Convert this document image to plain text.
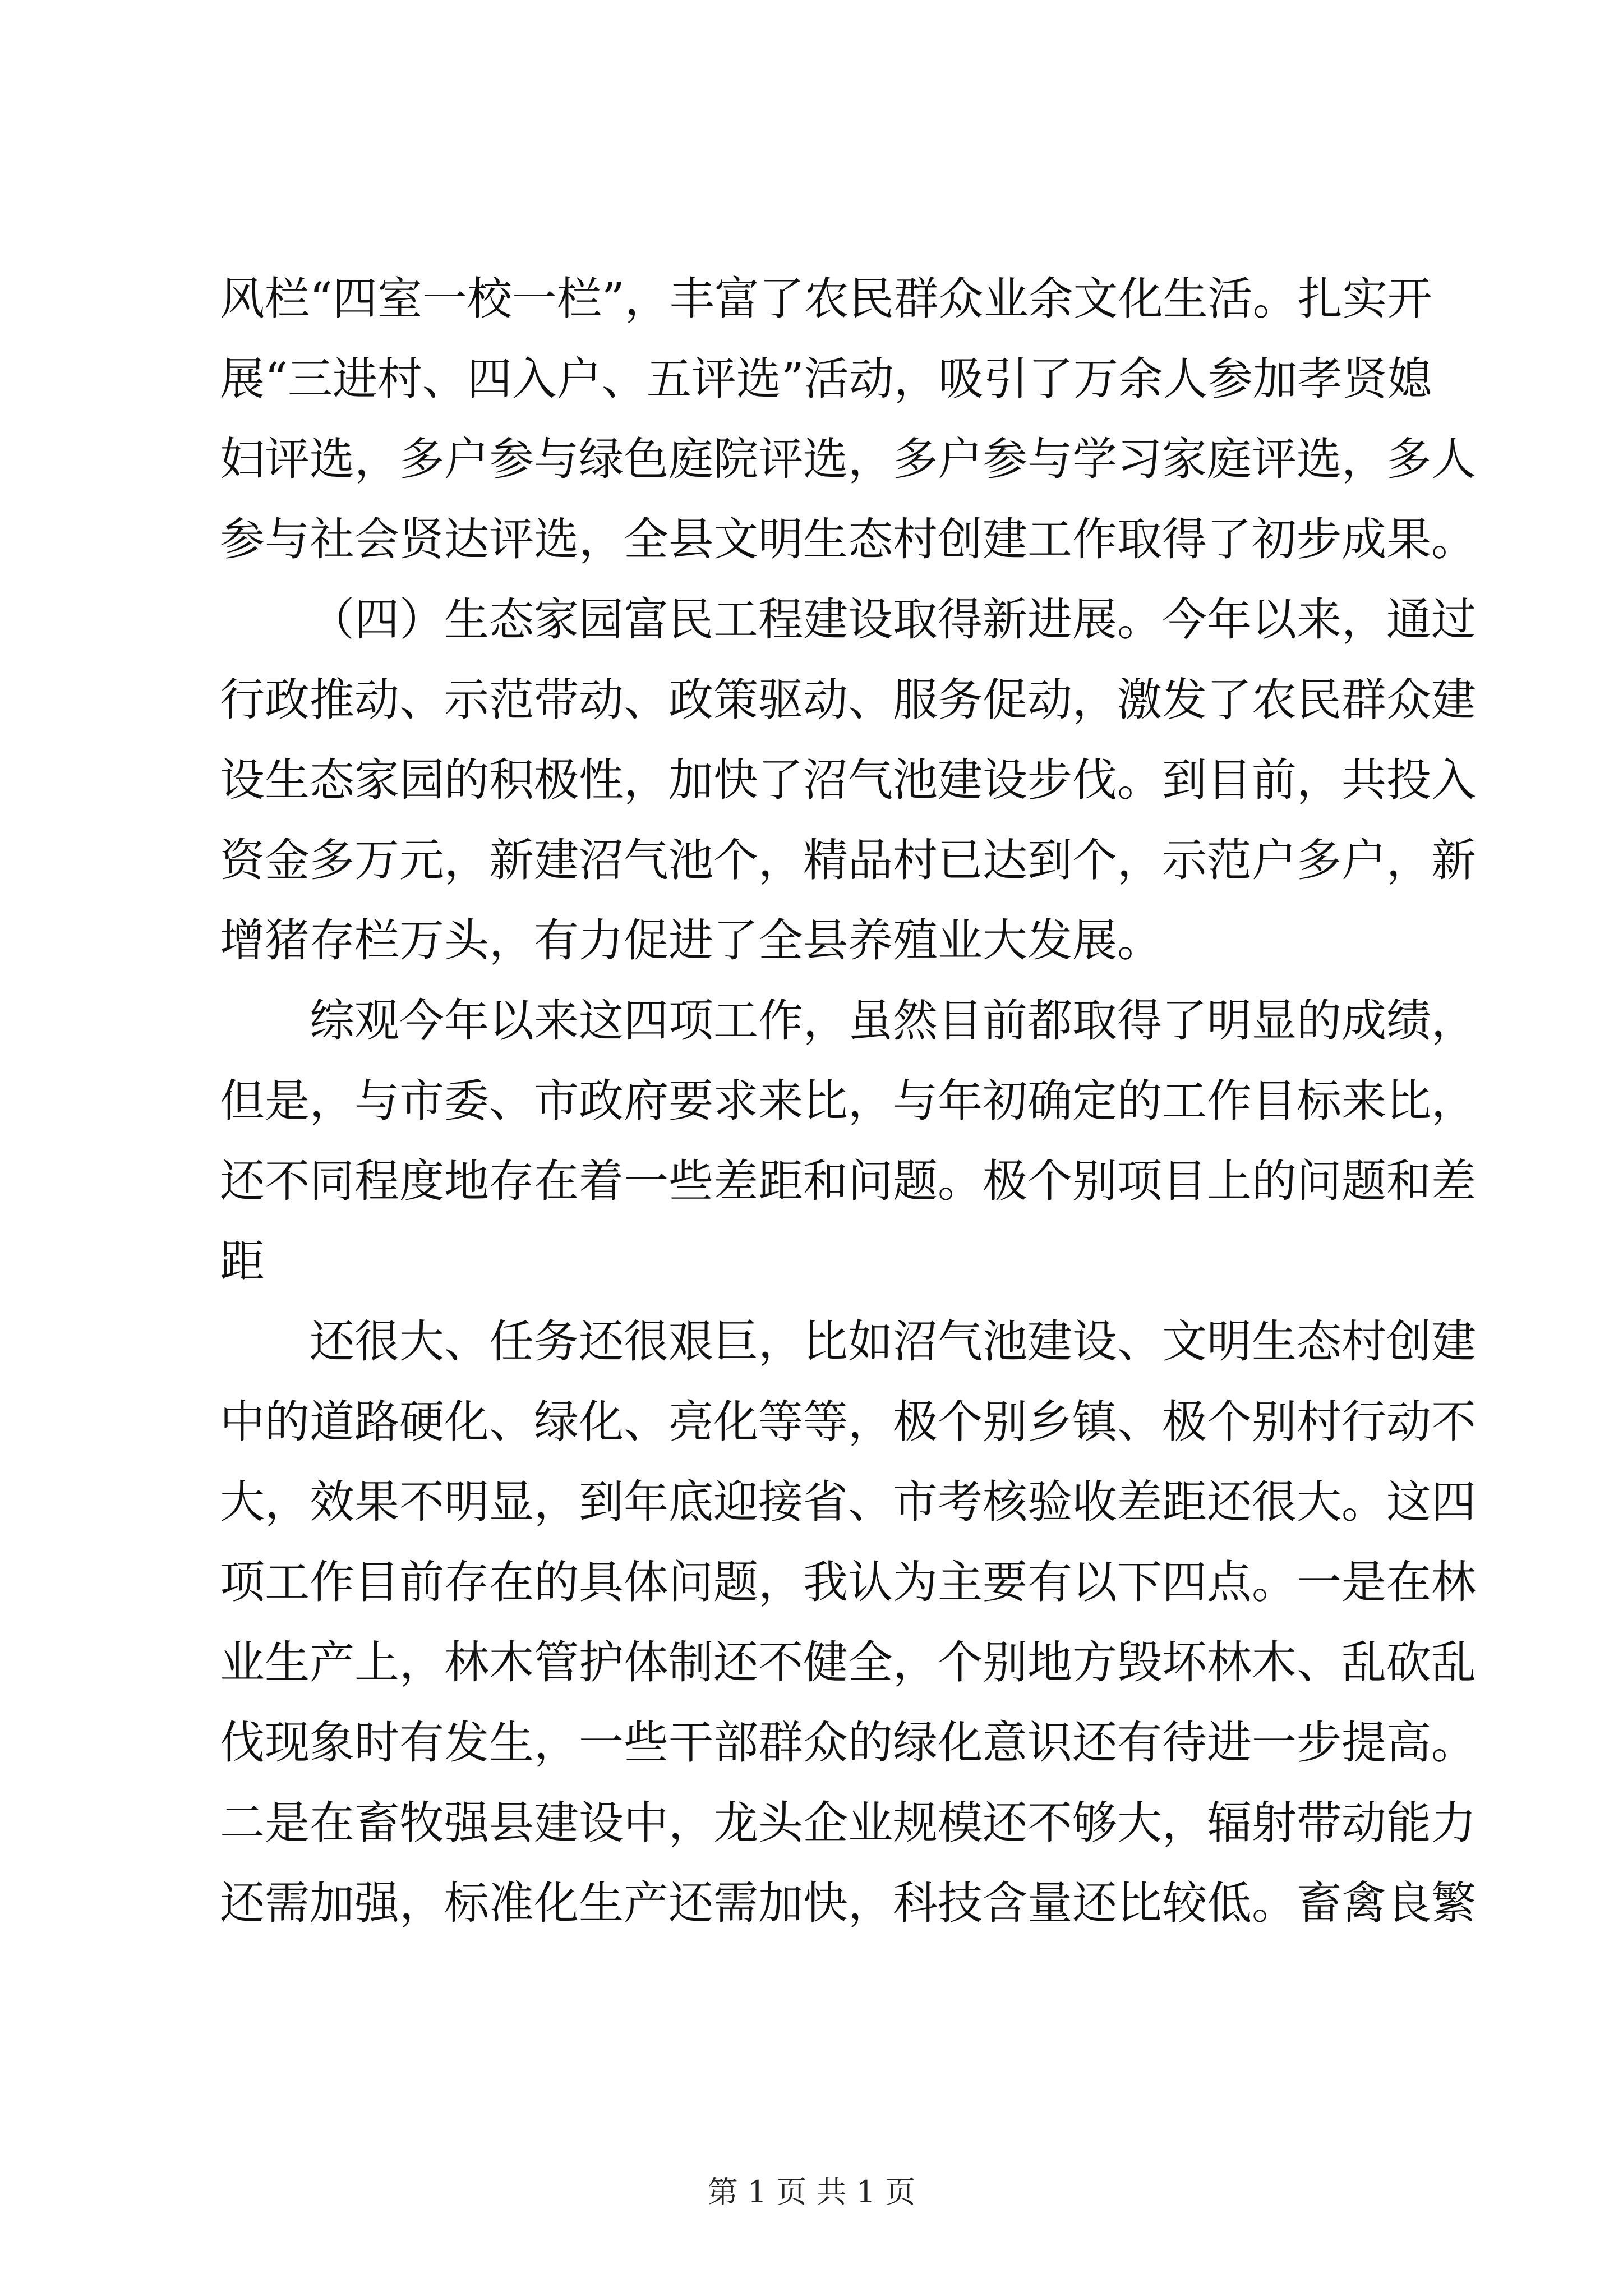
风栏“四室一校一栏”，丰富了农民群众业余文化生活。扎实开
展“三进村、四入户、五评选”活动，吸引了万余人参加孝贤媳
妇评选，多户参与绿色庭院评选，多户参与学习家庭评选，多人
参与社会贤达评选，全县文明生态村创建工作取得了初步成果。
（四）生态家园富民工程建设取得新进展。今年以来，通过
行政推动、示范带动、政策驱动、服务促动，激发了农民群众建
设生态家园的积极性，加快了沼气池建设步伐。到目前，共投入
资金多万元，新建沼气池个，精品村已达到个，示范户多户，新
增猪存栏万头，有力促进了全县养殖业大发展。
综观今年以来这四项工作，虽然目前都取得了明显的成绩，
但是，与市委、市政府要求来比，与年初确定的工作目标来比，
还不同程度地存在着一些差距和问题。极个别项目上的问题和差
距
还很大、任务还很艰巨，比如沼气池建设、文明生态村创建
中的道路硬化、绿化、亮化等等，极个别乡镇、极个别村行动不
大，效果不明显，到年底迎接省、市考核验收差距还很大。这四
项工作目前存在的具体问题，我认为主要有以下四点。一是在林
业生产上，林木管护体制还不健全，个别地方毁坏林木、乱砍乱
伐现象时有发生，一些干部群众的绿化意识还有待进一步提高。
二是在畜牧强县建设中，龙头企业规模还不够大，辐射带动能力
还需加强，标准化生产还需加快，科技含量还比较低。畜禽良繁
第 1 页 共 1 页
